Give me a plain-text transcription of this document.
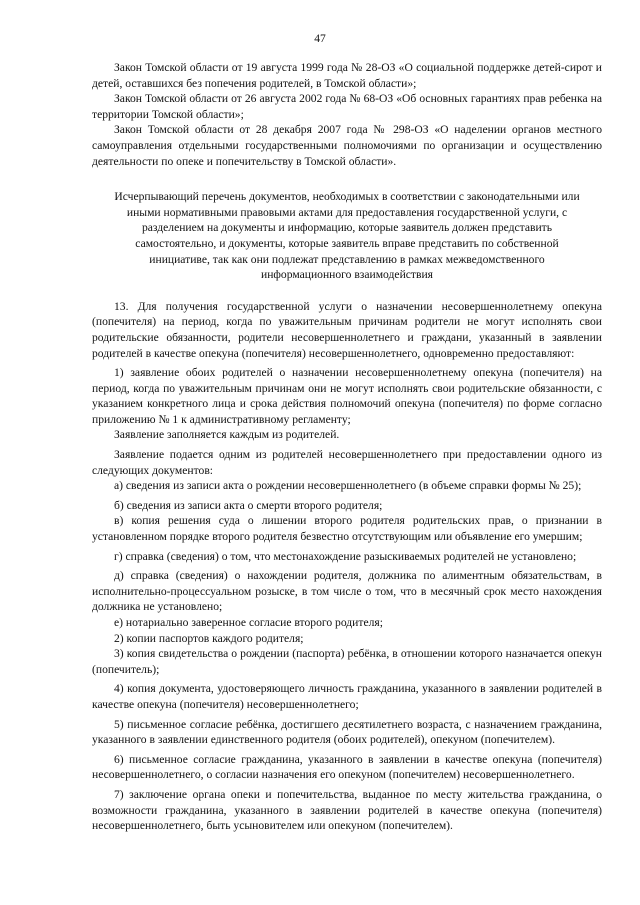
47

Закон Томской области от 19 августа 1999 года № 28-ОЗ «О социальной поддержке детей-сирот и детей, оставшихся без попечения родителей, в Томской области»;

Закон Томской области от 26 августа 2002 года № 68-ОЗ «Об основных гарантиях прав ребенка на территории Томской области»;

Закон Томской области от 28 декабря 2007 года № 298-ОЗ «О наделении органов местного самоуправления отдельными государственными полномочиями по организации и осуществлению деятельности по опеке и попечительству в Томской области».

Исчерпывающий перечень документов, необходимых в соответствии с законодательными или иными нормативными правовыми актами для предоставления государственной услуги, с разделением на документы и информацию, которые заявитель должен представить самостоятельно, и документы, которые заявитель вправе представить по собственной инициативе, так как они подлежат представлению в рамках межведомственного информационного взаимодействия

13. Для получения государственной услуги о назначении несовершеннолетнему опекуна (попечителя) на период, когда по уважительным причинам родители не могут исполнять свои родительские обязанности, родители несовершеннолетнего и граждани, указанный в заявлении родителей в качестве опекуна (попечителя) несовершеннолетнего, одновременно предоставляют:

1) заявление обоих родителей о назначении несовершеннолетнему опекуна (попечителя) на период, когда по уважительным причинам они не могут исполнять свои родительские обязанности, с указанием конкретного лица и срока действия полномочий опекуна (попечителя) по форме согласно приложению № 1 к административному регламенту;

Заявление заполняется каждым из родителей.

Заявление подается одним из родителей несовершеннолетнего при предоставлении одного из следующих документов:

а) сведения из записи акта о рождении несовершеннолетнего (в объеме справки формы № 25);

б) сведения из записи акта о смерти второго родителя;

в) копия решения суда о лишении второго родителя родительских прав, о признании в установленном порядке второго родителя безвестно отсутствующим или объявление его умершим;

г) справка (сведения) о том, что местонахождение разыскиваемых родителей не установлено;

д) справка (сведения) о нахождении родителя, должника по алиментным обязательствам, в исполнительно-процессуальном розыске, в том числе о том, что в месячный срок место нахождения должника не установлено;

е) нотариально заверенное согласие второго родителя;

2) копии паспортов каждого родителя;

3) копия свидетельства о рождении (паспорта) ребёнка, в отношении которого назначается опекун (попечитель);

4) копия документа, удостоверяющего личность гражданина, указанного в заявлении родителей в качестве опекуна (попечителя) несовершеннолетнего;

5) письменное согласие ребёнка, достигшего десятилетнего возраста, с назначением гражданина, указанного в заявлении единственного родителя (обоих родителей), опекуном (попечителем).

6) письменное согласие гражданина, указанного в заявлении в качестве опекуна (попечителя) несовершеннолетнего, о согласии назначения его опекуном (попечителем) несовершеннолетнего.

7) заключение органа опеки и попечительства, выданное по месту жительства гражданина, о возможности гражданина, указанного в заявлении родителей в качестве опекуна (попечителя) несовершеннолетнего, быть усыновителем или опекуном (попечителем).
